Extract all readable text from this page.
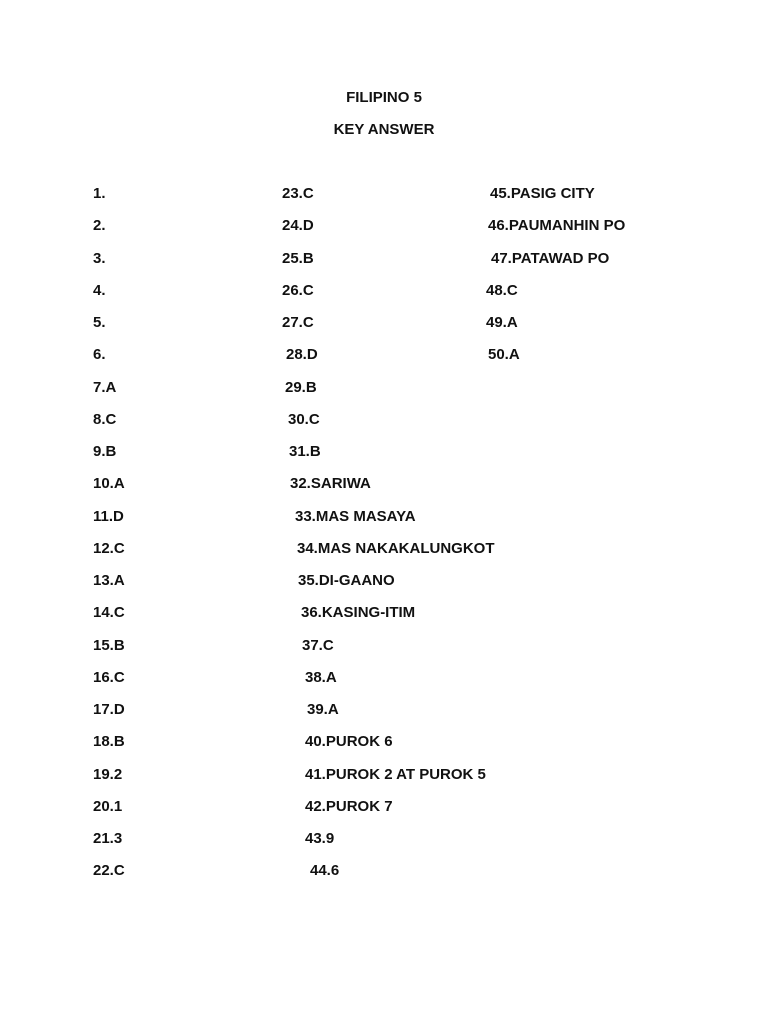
FILIPINO 5
KEY ANSWER
1.
2.
3.
4.
5.
6.
7.A
8.C
9.B
10.A
11.D
12.C
13.A
14.C
15.B
16.C
17.D
18.B
19.2
20.1
21.3
22.C
23.C
24.D
25.B
26.C
27.C
28.D
29.B
30.C
31.B
32.SARIWA
33.MAS MASAYA
34.MAS NAKAKALUNGKOT
35.DI-GAANO
36.KASING-ITIM
37.C
38.A
39.A
40.PUROK 6
41.PUROK 2 AT PUROK 5
42.PUROK 7
43.9
44.6
45.PASIG CITY
46.PAUMANHIN PO
47.PATAWAD PO
48.C
49.A
50.A
